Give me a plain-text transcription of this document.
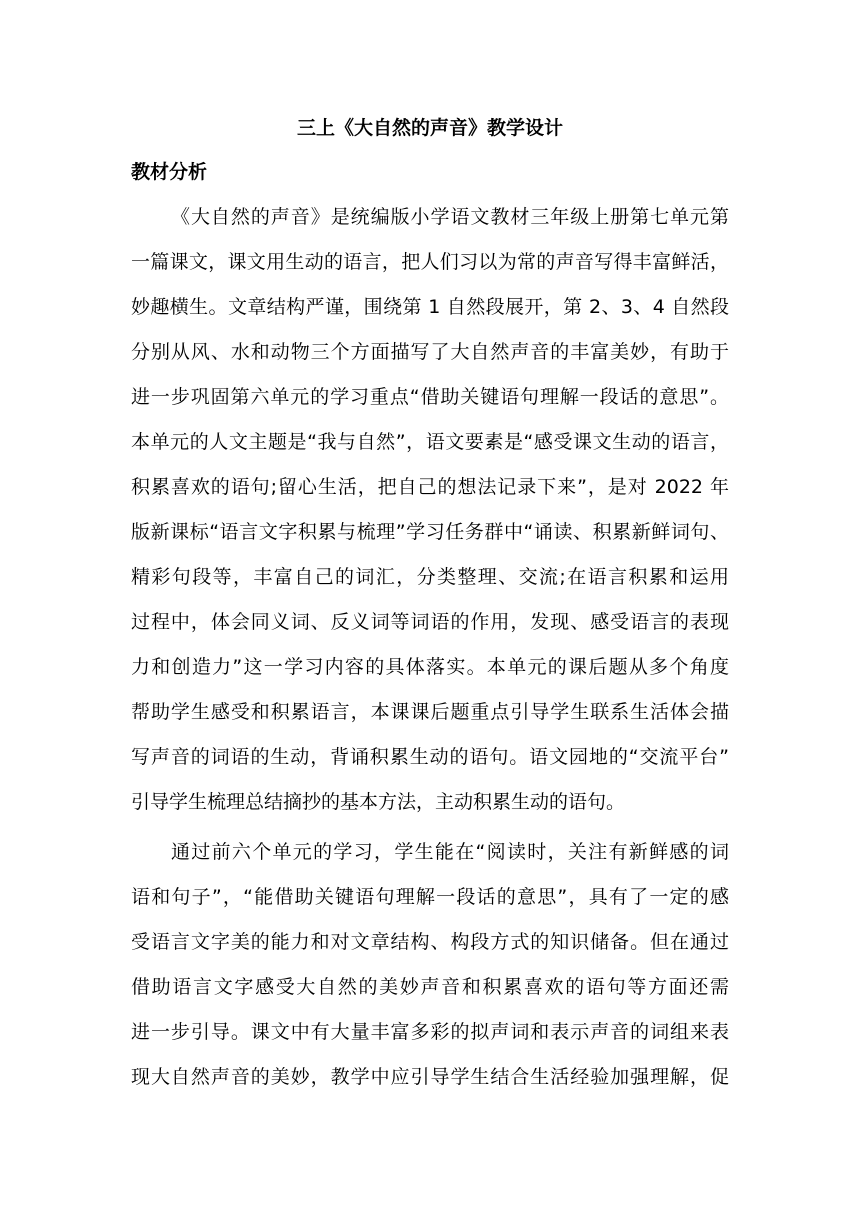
三上《大自然的声音》教学设计
教材分析
《大自然的声音》是统编版小学语文教材三年级上册第七单元第
一篇课文，课文用生动的语言，把人们习以为常的声音写得丰富鲜活，
妙趣横生。文章结构严谨，围绕第 1 自然段展开，第 2、3、4 自然段
分别从风、水和动物三个方面描写了大自然声音的丰富美妙，有助于
进一步巩固第六单元的学习重点“借助关键语句理解一段话的意思”。
本单元的人文主题是“我与自然”，语文要素是“感受课文生动的语言，
积累喜欢的语句;留心生活，把自己的想法记录下来”，是对 2022 年
版新课标“语言文字积累与梳理”学习任务群中“诵读、积累新鲜词句、
精彩句段等，丰富自己的词汇，分类整理、交流;在语言积累和运用
过程中，体会同义词、反义词等词语的作用，发现、感受语言的表现
力和创造力”这一学习内容的具体落实。本单元的课后题从多个角度
帮助学生感受和积累语言，本课课后题重点引导学生联系生活体会描
写声音的词语的生动，背诵积累生动的语句。语文园地的“交流平台”
引导学生梳理总结摘抄的基本方法，主动积累生动的语句。
通过前六个单元的学习，学生能在“阅读时，关注有新鲜感的词
语和句子”，“能借助关键语句理解一段话的意思”，具有了一定的感
受语言文字美的能力和对文章结构、构段方式的知识储备。但在通过
借助语言文字感受大自然的美妙声音和积累喜欢的语句等方面还需
进一步引导。课文中有大量丰富多彩的拟声词和表示声音的词组来表
现大自然声音的美妙，教学中应引导学生结合生活经验加强理解，促
